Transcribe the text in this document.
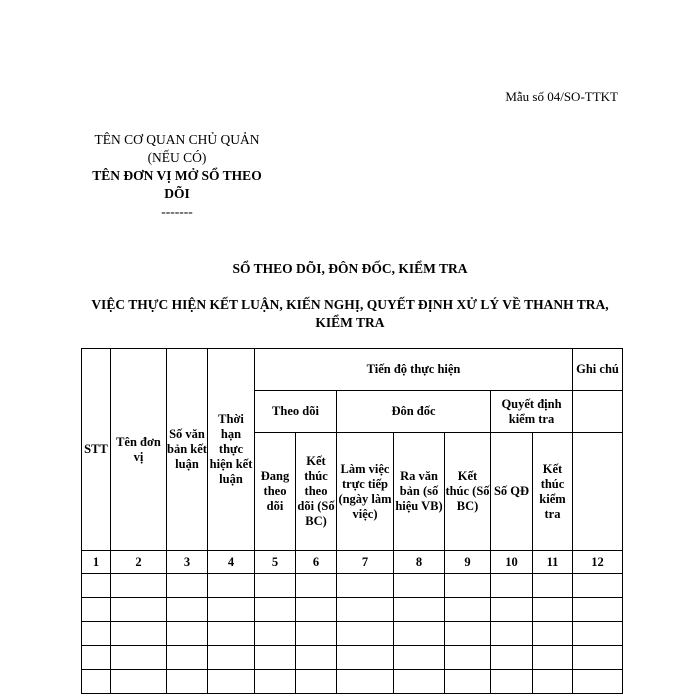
Mẫu số 04/SO-TTKT
TÊN CƠ QUAN CHỦ QUẢN
(NẾU CÓ)
TÊN ĐƠN VỊ MỞ SỔ THEO
DÕI
-------
SỔ THEO DÕI, ĐÔN ĐỐC, KIỂM TRA
VIỆC THỰC HIỆN KẾT LUẬN, KIẾN NGHỊ, QUYẾT ĐỊNH XỬ LÝ VỀ THANH TRA, KIỂM TRA
STT	Tên đơn vị	Số văn bản kết luận	Thời hạn thực hiện kết luận	Tiến độ thực hiện							Ghi chú
				Theo dõi		Đôn đốc			Quyết định kiểm tra		
				Đang theo dõi	Kết thúc theo dõi (Số BC)	Làm việc trực tiếp (ngày làm việc)	Ra văn bản (số hiệu VB)	Kết thúc (Số BC)	Số QĐ	Kết thúc kiểm tra	
1	2	3	4	5	6	7	8	9	10	11	12
